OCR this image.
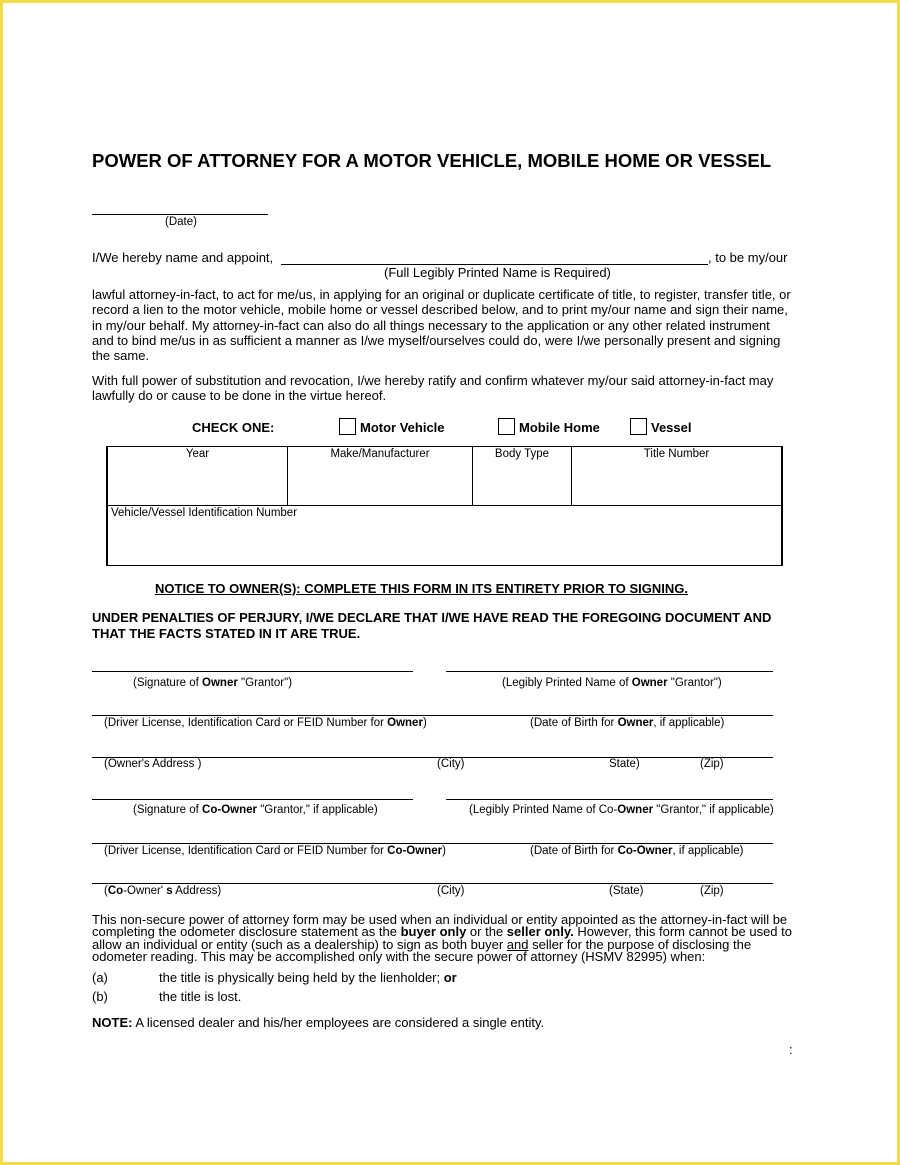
POWER OF ATTORNEY FOR A MOTOR VEHICLE, MOBILE HOME OR VESSEL
(Date)
I/We hereby name and appoint,	, to be my/our
(Full Legibly Printed Name is Required)
lawful attorney-in-fact, to act for me/us, in applying for an original or duplicate certificate of title, to register, transfer title, or record a lien to the motor vehicle, mobile home or vessel described below, and to print my/our name and sign their name, in my/our behalf. My attorney-in-fact can also do all things necessary to the application or any other related instrument and to bind me/us in as sufficient a manner as I/we myself/ourselves could do, were I/we personally present and signing the same.
With full power of substitution and revocation, I/we hereby ratify and confirm whatever my/our said attorney-in-fact may lawfully do or cause to be done in the virtue hereof.
CHECK ONE:	Motor Vehicle	Mobile Home	Vessel
Year	Make/Manufacturer	Body Type	Title Number
Vehicle/Vessel Identification Number
NOTICE TO OWNER(S): COMPLETE THIS FORM IN ITS ENTIRETY PRIOR TO SIGNING.
UNDER PENALTIES OF PERJURY, I/WE DECLARE THAT I/WE HAVE READ THE FOREGOING DOCUMENT AND THAT THE FACTS STATED IN IT ARE TRUE.
(Signature of Owner "Grantor")	(Legibly Printed Name of Owner "Grantor")
(Driver License, Identification Card or FEID Number for Owner)	(Date of Birth for Owner, if applicable)
(Owner's Address )	(City)	State)	(Zip)
(Signature of Co-Owner "Grantor," if applicable)	(Legibly Printed Name of Co-Owner "Grantor," if applicable)
(Driver License, Identification Card or FEID Number for Co-Owner)	(Date of Birth for Co-Owner, if applicable)
(Co-Owner' s Address)	(City)	(State)	(Zip)
This non-secure power of attorney form may be used when an individual or entity appointed as the attorney-in-fact will be completing the odometer disclosure statement as the buyer only or the seller only. However, this form cannot be used to allow an individual or entity (such as a dealership) to sign as both buyer and seller for the purpose of disclosing the odometer reading. This may be accomplished only with the secure power of attorney (HSMV 82995) when:
(a)	the title is physically being held by the lienholder; or
(b)	the title is lost.
NOTE: A licensed dealer and his/her employees are considered a single entity.
:
